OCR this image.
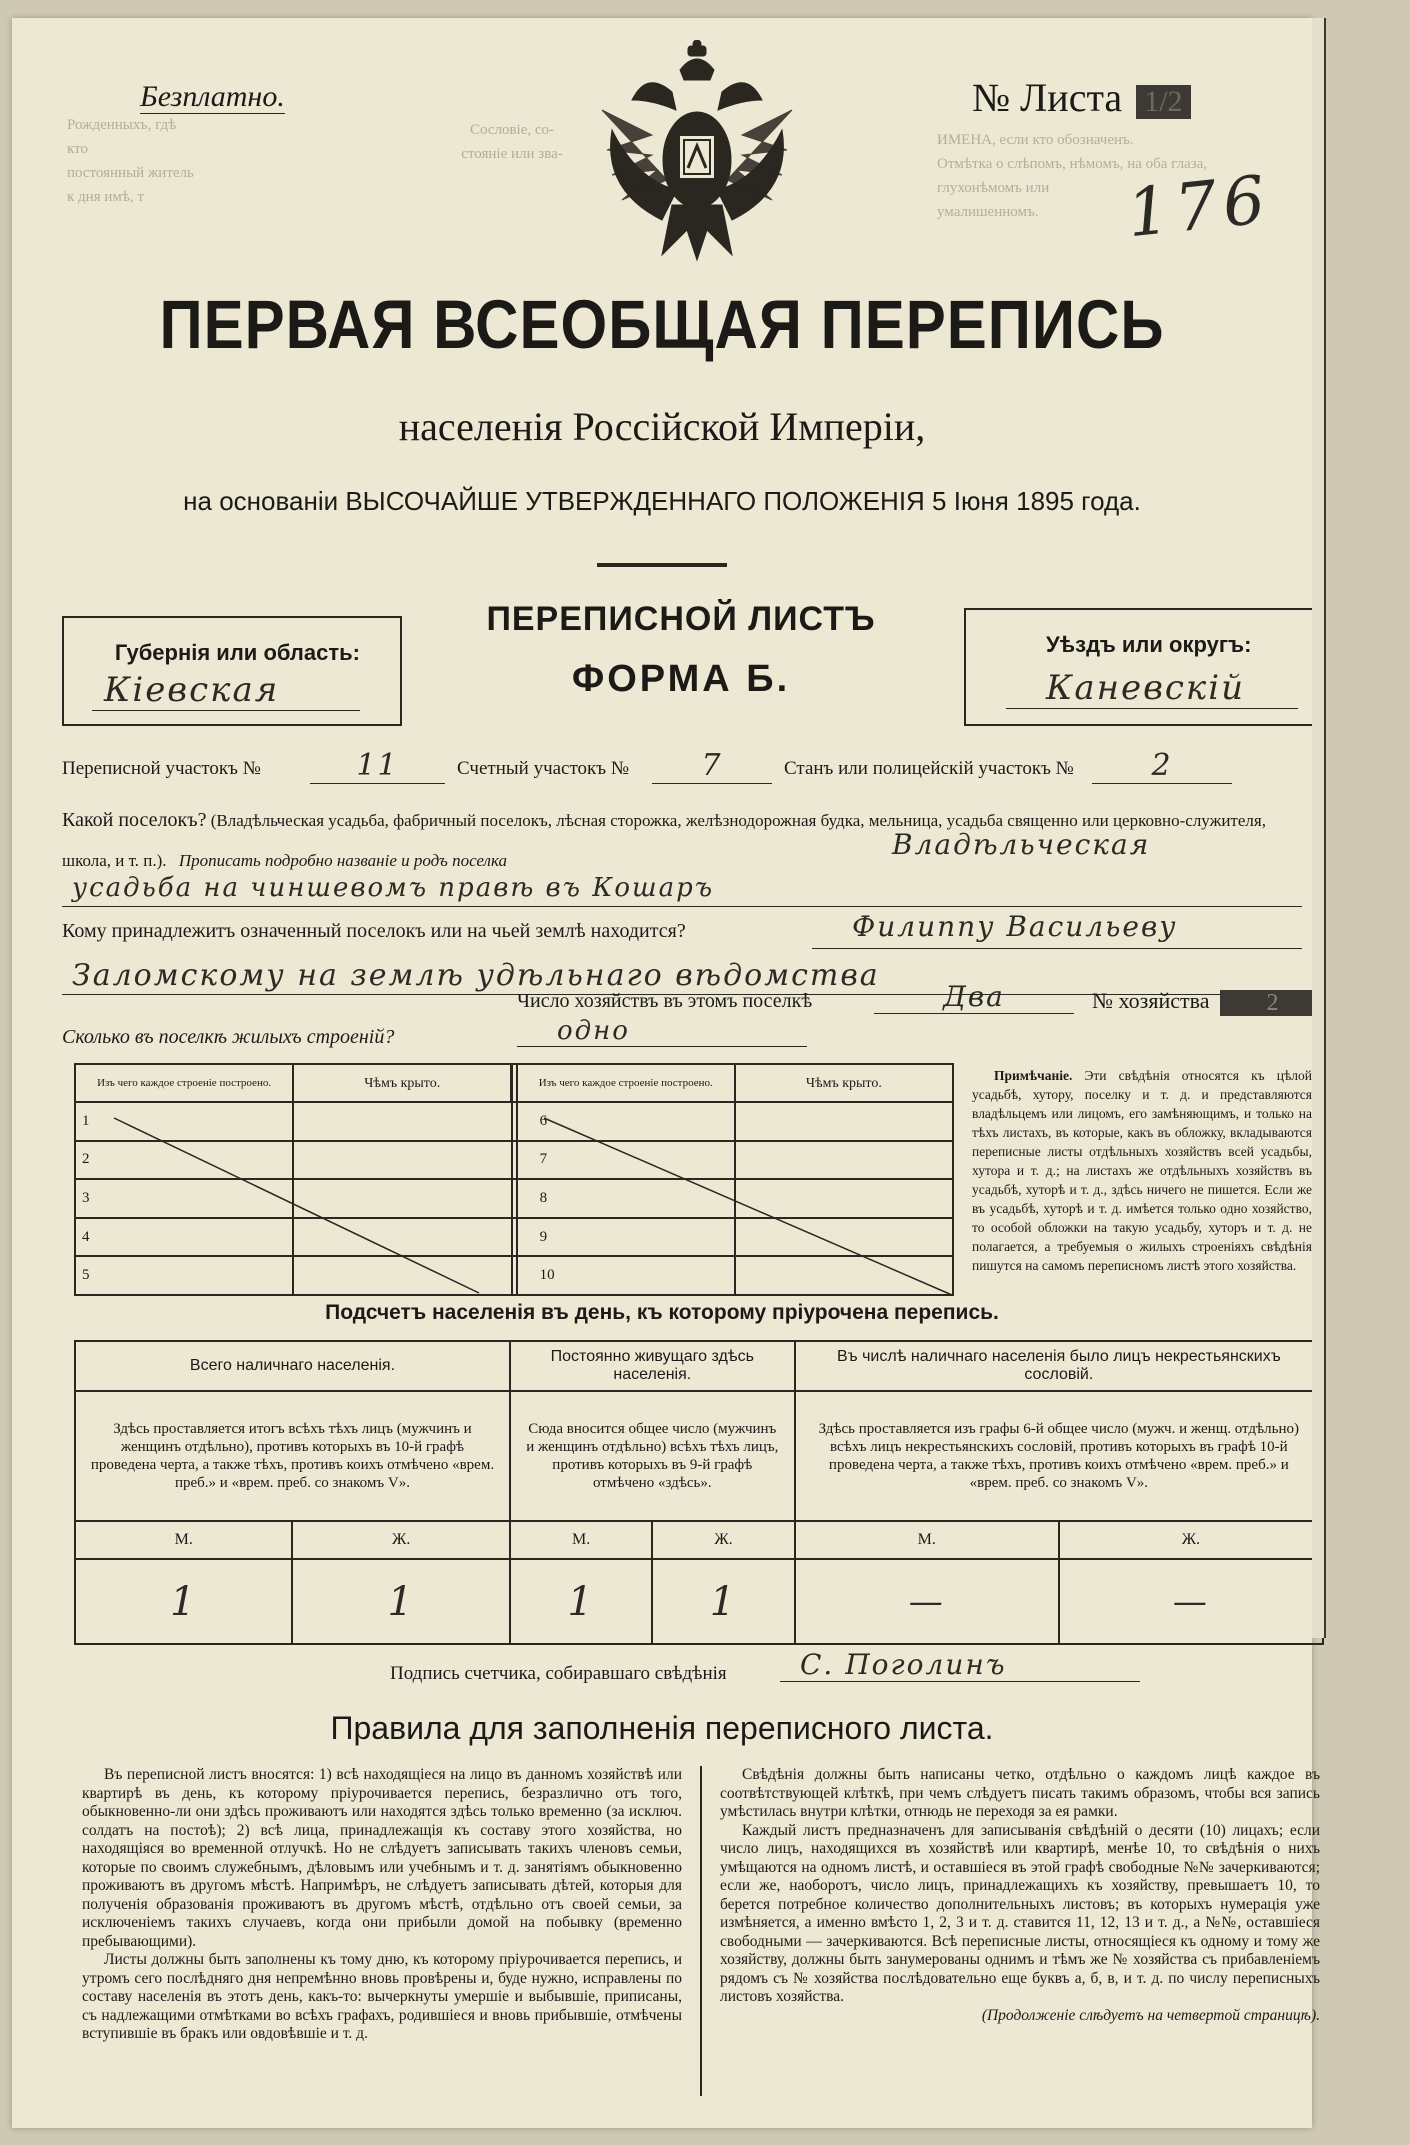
Рожденныхъ, гдѣ кто
постоянный житель
к дня имѣ, т
Сословіе, со-
стояніе или зва-
ИМЕНА, если кто обозначенъ.
Отмѣтка о слѣпомъ, нѣмомъ, на оба глаза, глухонѣмомъ или
умалишенномъ.
Безплатно.	№ Листа 1/2
176
ПЕРВАЯ ВСЕОБЩАЯ ПЕРЕПИСЬ
населенія Россійской Имперіи,
на основаніи ВЫСОЧАЙШЕ УТВЕРЖДЕННАГО ПОЛОЖЕНІЯ 5 Іюня 1895 года.
Губернія или область:
Кіевская
ПЕРЕПИСНОЙ ЛИСТЪ
ФОРМА Б.
Уѣздъ или округъ:
Каневскій
Переписной участокъ №	11	Счетный участокъ №	7	Станъ или полицейскій участокъ №	2
Какой поселокъ? (Владѣльческая усадьба, фабричный поселокъ, лѣсная сторожка, желѣзнодорожная будка, мельница, усадьба священно или церковно-служителя, школа, и т. п.). Прописать подробно названіе и родъ поселка	Владѣльческая
усадьба на чиншевомъ правѣ въ Кошаръ
Кому принадлежитъ означенный поселокъ или на чьей землѣ находится?	Филиппу Васильеву
Заломскому на землѣ удѣльнаго вѣдомства
Число хозяйствъ въ этомъ поселкѣ	Два	№ хозяйства	2
Сколько въ поселкѣ жилыхъ строеній?	одно
Изъ чего каждое строеніе построено.	Чѣмъ крыто.		Изъ чего каждое строеніе построено.	Чѣмъ крыто.
1			6	
2			7	
3			8	
4			9	
5			10	
Примѣчаніе. Эти свѣдѣнія относятся къ цѣлой усадьбѣ, хутору, поселку и т. д. и представляются владѣльцемъ или лицомъ, его замѣняющимъ, и только на тѣхъ листахъ, въ которые, какъ въ обложку, вкладываются переписные листы отдѣльныхъ хозяйствъ всей усадьбы, хутора и т. д.; на листахъ же отдѣльныхъ хозяйствъ въ усадьбѣ, хуторѣ и т. д., здѣсь ничего не пишется. Если же въ усадьбѣ, хуторѣ и т. д. имѣется только одно хозяйство, то особой обложки на такую усадьбу, хуторъ и т. д. не полагается, а требуемыя о жилыхъ строеніяхъ свѣдѣнія пишутся на самомъ переписномъ листѣ этого хозяйства.
Подсчетъ населенія въ день, къ которому пріурочена перепись.
Всего наличнаго населенія.		Постоянно живущаго здѣсь населенія.		Въ числѣ наличнаго населенія было лицъ некрестьянскихъ сословій.	
Здѣсь проставляется итогъ всѣхъ тѣхъ лицъ (мужчинъ и женщинъ отдѣльно), противъ которыхъ въ 10-й графѣ проведена черта, а также тѣхъ, противъ коихъ отмѣчено «врем. преб.» и «врем. преб. со знакомъ V».		Сюда вносится общее число (мужчинъ и женщинъ отдѣльно) всѣхъ тѣхъ лицъ, противъ которыхъ въ 9-й графѣ отмѣчено «здѣсь».		Здѣсь проставляется изъ графы 6-й общее число (мужч. и женщ. отдѣльно) всѣхъ лицъ некрестьянскихъ сословій, противъ которыхъ въ графѣ 10-й проведена черта, а также тѣхъ, противъ коихъ отмѣчено «врем. преб.» и «врем. преб. со знакомъ V».	
М.	Ж.	М.	Ж.	М.	Ж.
1	1	1	1	—	—
Подпись счетчика, собиравшаго свѣдѣнія	С. Поголинъ
Правила для заполненія переписного листа.

Въ переписной листъ вносятся: 1) всѣ находящіеся на лицо въ данномъ хозяйствѣ или квартирѣ въ день, къ которому пріурочивается перепись, безразлично отъ того, обыкновенно-ли они здѣсь проживаютъ или находятся здѣсь только временно (за исключ. солдатъ на постоѣ); 2) всѣ лица, принадлежащія къ составу этого хозяйства, но находящіяся во временной отлучкѣ. Но не слѣдуетъ записывать такихъ членовъ семьи, которые по своимъ служебнымъ, дѣловымъ или учебнымъ и т. д. занятіямъ обыкновенно проживаютъ въ другомъ мѣстѣ. Напримѣръ, не слѣдуетъ записывать дѣтей, которыя для полученія образованія проживаютъ въ другомъ мѣстѣ, отдѣльно отъ своей семьи, за исключеніемъ такихъ случаевъ, когда они прибыли домой на побывку (временно пребывающими).

Листы должны быть заполнены къ тому дню, къ которому пріурочивается перепись, и утромъ сего послѣдняго дня непремѣнно вновь провѣрены и, буде нужно, исправлены по составу населенія въ этотъ день, какъ-то: вычеркнуты умершіе и выбывшіе, приписаны, съ надлежащими отмѣтками во всѣхъ графахъ, родившіеся и вновь прибывшіе, отмѣчены вступившіе въ бракъ или овдовѣвшіе и т. д.

Свѣдѣнія должны быть написаны четко, отдѣльно о каждомъ лицѣ каждое въ соотвѣтствующей клѣткѣ, при чемъ слѣдуетъ писать такимъ образомъ, чтобы вся запись умѣстилась внутри клѣтки, отнюдь не переходя за ея рамки.

Каждый листъ предназначенъ для записыванія свѣдѣній о десяти (10) лицахъ; если число лицъ, находящихся въ хозяйствѣ или квартирѣ, менѣе 10, то свѣдѣнія о нихъ умѣщаются на одномъ листѣ, и оставшіеся въ этой графѣ свободные №№ зачеркиваются; если же, наоборотъ, число лицъ, принадлежащихъ къ хозяйству, превышаетъ 10, то берется потребное количество дополнительныхъ листовъ; въ которыхъ нумерація уже измѣняется, а именно вмѣсто 1, 2, 3 и т. д. ставится 11, 12, 13 и т. д., а №№, оставшіеся свободными — зачеркиваются. Всѣ переписные листы, относящіеся къ одному и тому же хозяйству, должны быть занумерованы однимъ и тѣмъ же № хозяйства съ прибавленіемъ рядомъ съ № хозяйства послѣдовательно еще буквъ а, б, в, и т. д. по числу переписныхъ листовъ хозяйства.

(Продолженіе слѣдуетъ на четвертой страницѣ).
